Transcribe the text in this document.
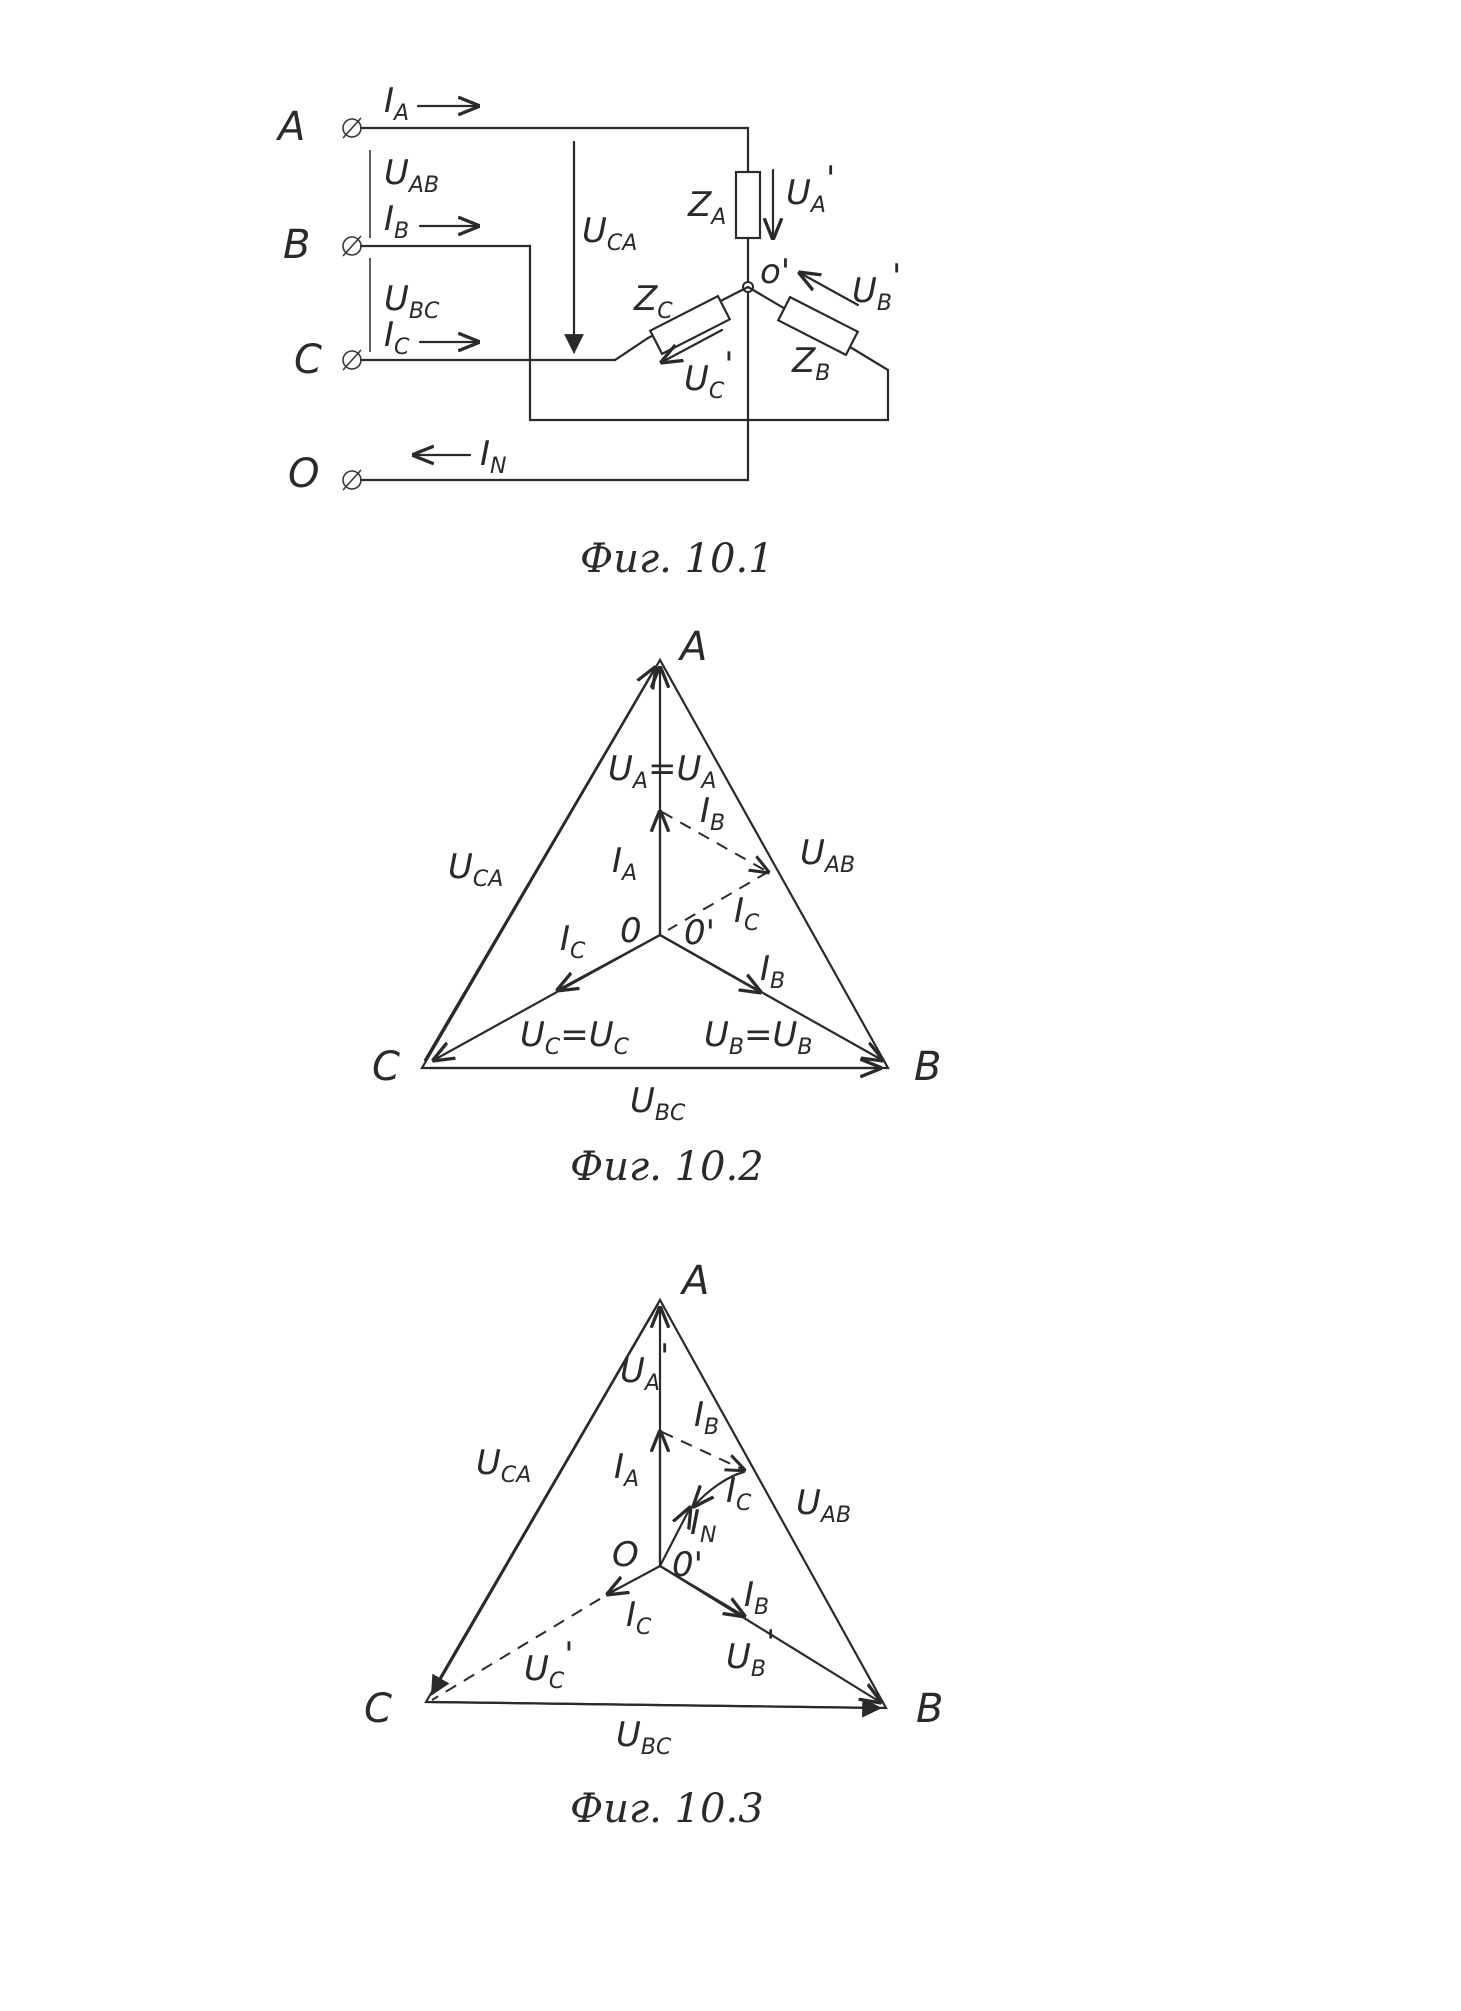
A
B
C
O
$Z_A$
$U_A'$
o'
$Z_C$
$U_C'$ $Z_B$
$U_B'$
$U_{CA}$
$U_{AB}$
$U_{BC}$
$I_A$
$I_B$
$I_C$
$I_N$
Фиг. 10.1
A
B
C
$U_{CA}$
$U_{AB}$
$U_{BC}$
$U_A=U_A$
$U_C=U_C$ $U_B=U_B$
$I_A$
$I_B$
$I_C$
$I_C$	$I_B$
0 0'
Фиг. 10.2
A
B
C
$U_{CA}$
$U_{AB}$
$U_{BC}$
$U_A'$
$U_B'$
$U_C'$
$I_A$
$I_B$
$I_C$
$I_N$
$I_C$
$I_B$
O 0'
Фиг. 10.3
